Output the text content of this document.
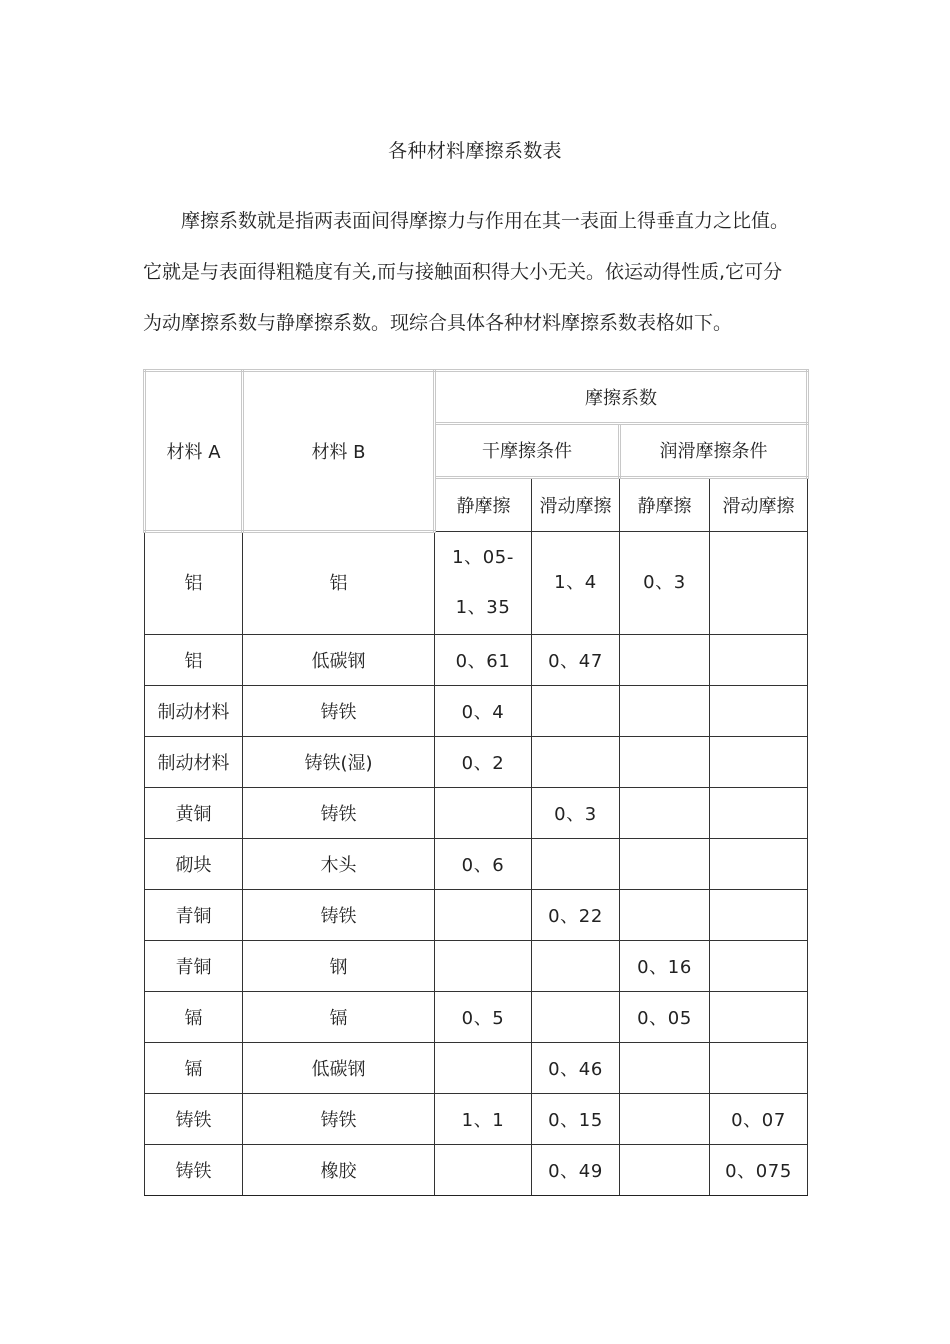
各种材料摩擦系数表
摩擦系数就是指两表面间得摩擦力与作用在其一表面上得垂直力之比值。
它就是与表面得粗糙度有关,而与接触面积得大小无关。依运动得性质,它可分
为动摩擦系数与静摩擦系数。现综合具体各种材料摩擦系数表格如下。
材料 A	材料 B	摩擦系数			
		干摩擦条件		润滑摩擦条件	
		静摩擦	滑动摩擦	静摩擦	滑动摩擦
铝	铝	1、05-1、35	1、4	0、3	
铝	低碳钢	0、61	0、47		
制动材料	铸铁	0、4			
制动材料	铸铁(湿)	0、2			
黄铜	铸铁		0、3		
砌块	木头	0、6			
青铜	铸铁		0、22		
青铜	钢			0、16	
镉	镉	0、5		0、05	
镉	低碳钢		0、46		
铸铁	铸铁	1、1	0、15		0、07
铸铁	橡胶		0、49		0、075
